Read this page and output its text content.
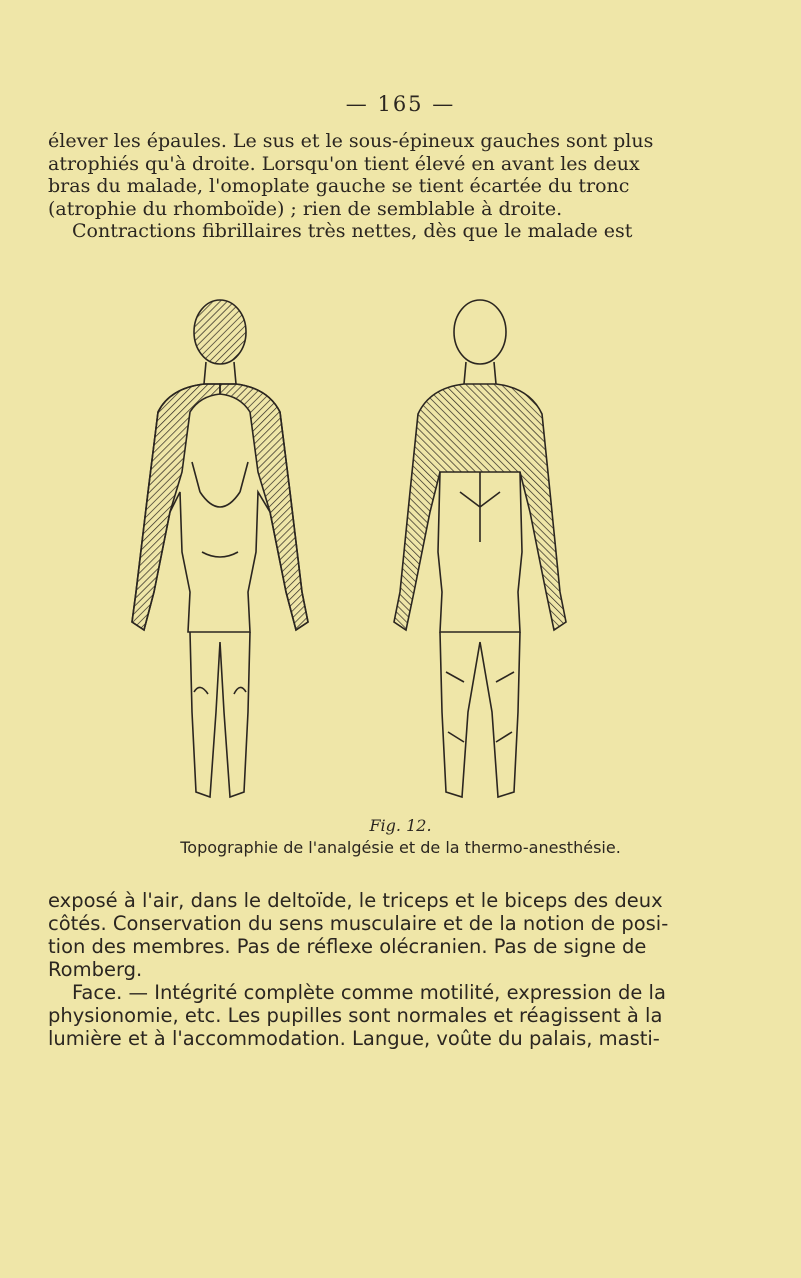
— 165 —

élever les épaules. Le sus et le sous-épineux gauches sont plus
atrophiés qu'à droite. Lorsqu'on tient élevé en avant les deux
bras du malade, l'omoplate gauche se tient écartée du tronc
(atrophie du rhomboïde) ; rien de semblable à droite.
Contractions fibrillaires très nettes, dès que le malade est

Fig. 12.
Topographie de l'analgésie et de la thermo-anesthésie.

exposé à l'air, dans le deltoïde, le triceps et le biceps des deux
côtés. Conservation du sens musculaire et de la notion de posi-
tion des membres. Pas de réflexe olécranien. Pas de signe de
Romberg.
Face. — Intégrité complète comme motilité, expression de la
physionomie, etc. Les pupilles sont normales et réagissent à la
lumière et à l'accommodation. Langue, voûte du palais, masti-
